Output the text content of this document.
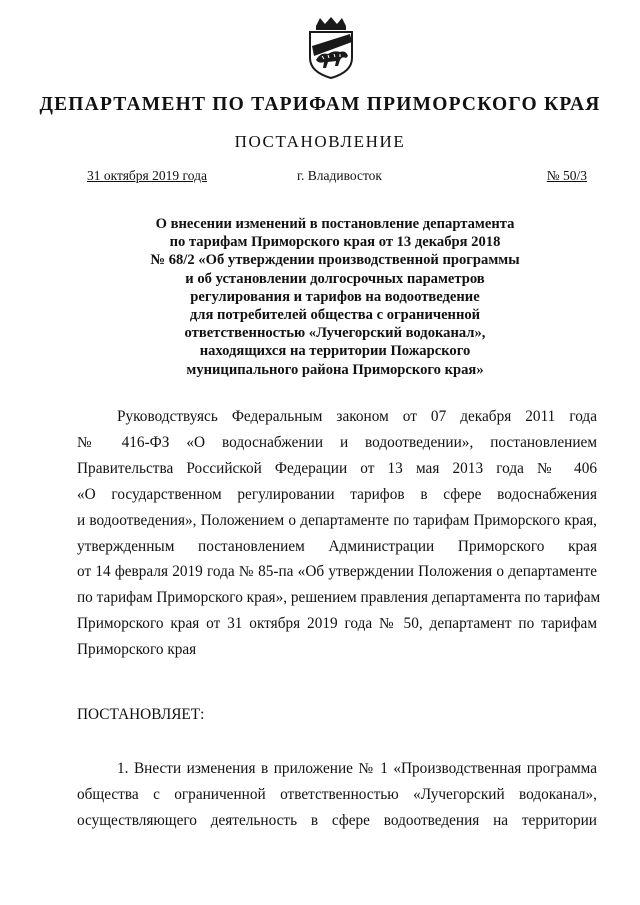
ДЕПАРТАМЕНТ ПО ТАРИФАМ ПРИМОРСКОГО КРАЯ
ПОСТАНОВЛЕНИЕ
31 октября 2019 года	г. Владивосток	№ 50/3
О внесении изменений в постановление департамента
по тарифам Приморского края от 13 декабря 2018
№ 68/2 «Об утверждении производственной программы
и об установлении долгосрочных параметров
регулирования и тарифов на водоотведение
для потребителей общества с ограниченной
ответственностью «Лучегорский водоканал»,
находящихся на территории Пожарского
муниципального района Приморского края»
Руководствуясь Федеральным законом от 07 декабря 2011 года
№ 416-ФЗ «О водоснабжении и водоотведении», постановлением
Правительства Российской Федерации от 13 мая 2013 года № 406
«О государственном регулировании тарифов в сфере водоснабжения
и водоотведения», Положением о департаменте по тарифам Приморского края,
утвержденным постановлением Администрации Приморского края
от 14 февраля 2019 года № 85-па «Об утверждении Положения о департаменте
по тарифам Приморского края», решением правления департамента по тарифам
Приморского края от 31 октября 2019 года № 50, департамент по тарифам
Приморского края
ПОСТАНОВЛЯЕТ:
1. Внести изменения в приложение № 1 «Производственная программа
общества с ограниченной ответственностью «Лучегорский водоканал»,
осуществляющего деятельность в сфере водоотведения на территории
